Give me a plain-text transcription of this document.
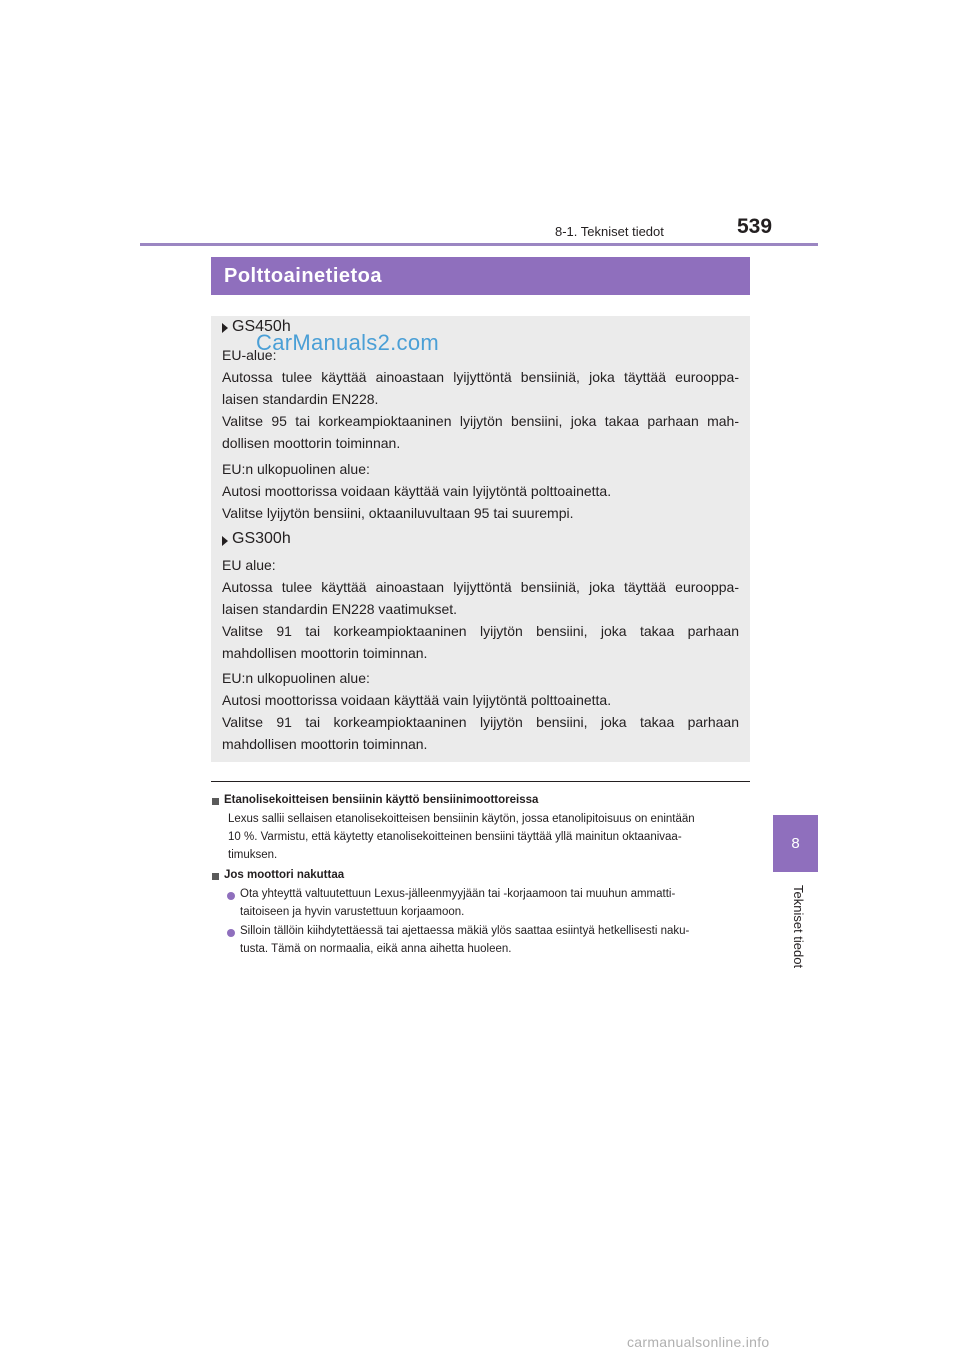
8-1. Tekniset tiedot	539
8
Tekniset tiedot
Polttoainetietoa
GS450h
EU-alue:
Autossa tulee käyttää ainoastaan lyijyttöntä bensiiniä, joka täyttää eurooppa-
laisen standardin EN228.
Valitse 95 tai korkeampioktaaninen lyijytön bensiini, joka takaa parhaan mah-
dollisen moottorin toiminnan.
EU:n ulkopuolinen alue:
Autosi moottorissa voidaan käyttää vain lyijytöntä polttoainetta.
Valitse lyijytön bensiini, oktaaniluvultaan 95 tai suurempi.
CarManuals2.com
GS300h
EU alue:
Autossa tulee käyttää ainoastaan lyijyttöntä bensiiniä, joka täyttää eurooppa-
laisen standardin EN228 vaatimukset.
Valitse 91 tai korkeampioktaaninen lyijytön bensiini, joka takaa parhaan
mahdollisen moottorin toiminnan.
EU:n ulkopuolinen alue:
Autosi moottorissa voidaan käyttää vain lyijytöntä polttoainetta.
Valitse 91 tai korkeampioktaaninen lyijytön bensiini, joka takaa parhaan
mahdollisen moottorin toiminnan.
Etanolisekoitteisen bensiinin käyttö bensiinimoottoreissa
Lexus sallii sellaisen etanolisekoitteisen bensiinin käytön, jossa etanolipitoisuus on enintään
10 %. Varmistu, että käytetty etanolisekoitteinen bensiini täyttää yllä mainitun oktaanivaa-
timuksen.
Jos moottori nakuttaa
Ota yhteyttä valtuutettuun Lexus-jälleenmyyjään tai -korjaamoon tai muuhun ammatti-
taitoiseen ja hyvin varustettuun korjaamoon.
Silloin tällöin kiihdytettäessä tai ajettaessa mäkiä ylös saattaa esiintyä hetkellisesti naku-
tusta. Tämä on normaalia, eikä anna aihetta huoleen.
carmanualsonline.info
